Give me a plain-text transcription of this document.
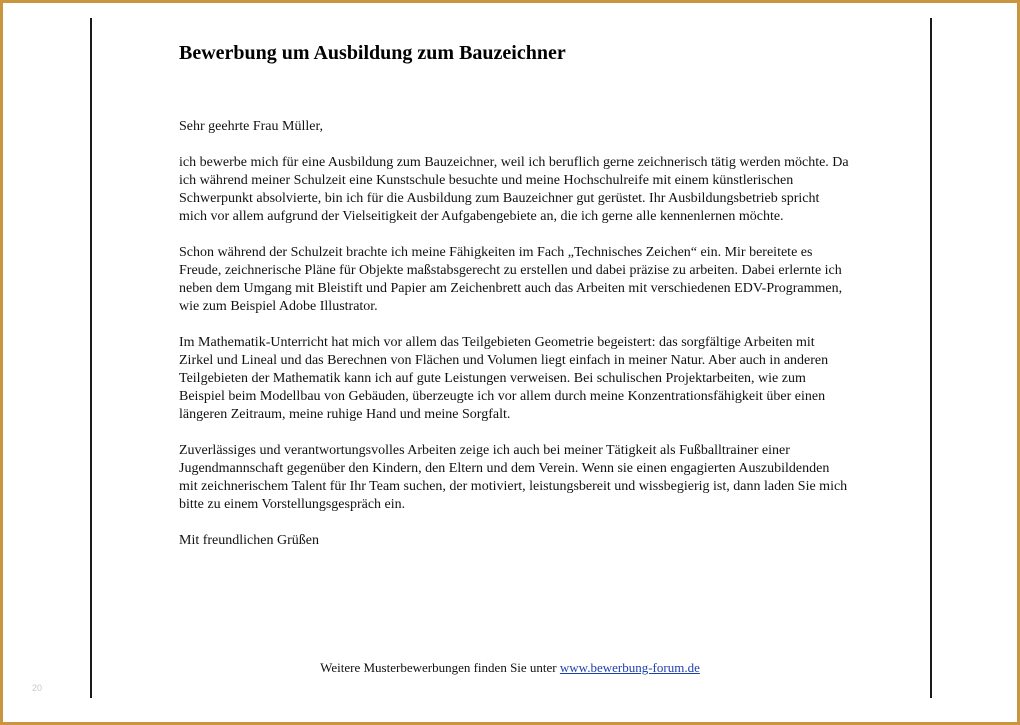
Bewerbung um Ausbildung zum Bauzeichner

Sehr geehrte Frau Müller,

ich bewerbe mich für eine Ausbildung zum Bauzeichner, weil ich beruflich gerne zeichnerisch tätig werden möchte. Da ich während meiner Schulzeit eine Kunstschule besuchte und meine Hochschulreife mit einem künstlerischen Schwerpunkt absolvierte, bin ich für die Ausbildung zum Bauzeichner gut gerüstet. Ihr Ausbildungsbetrieb spricht mich vor allem aufgrund der Vielseitigkeit der Aufgabengebiete an, die ich gerne alle kennenlernen möchte.

Schon während der Schulzeit brachte ich meine Fähigkeiten im Fach „Technisches Zeichen“ ein. Mir bereitete es Freude, zeichnerische Pläne für Objekte maßstabsgerecht zu erstellen und dabei präzise zu arbeiten. Dabei erlernte ich neben dem Umgang mit Bleistift und Papier am Zeichenbrett auch das Arbeiten mit verschiedenen EDV-Programmen, wie zum Beispiel Adobe Illustrator.

Im Mathematik-Unterricht hat mich vor allem das Teilgebieten Geometrie begeistert: das sorgfältige Arbeiten mit Zirkel und Lineal und das Berechnen von Flächen und Volumen liegt einfach in meiner Natur. Aber auch in anderen Teilgebieten der Mathematik kann ich auf gute Leistungen verweisen. Bei schulischen Projektarbeiten, wie zum Beispiel beim Modellbau von Gebäuden, überzeugte ich vor allem durch meine Konzentrationsfähigkeit über einen längeren Zeitraum, meine ruhige Hand und meine Sorgfalt.

Zuverlässiges und verantwortungsvolles Arbeiten zeige ich auch bei meiner Tätigkeit als Fußballtrainer einer Jugendmannschaft gegenüber den Kindern, den Eltern und dem Verein. Wenn sie einen engagierten Auszubildenden mit zeichnerischem Talent für Ihr Team suchen, der motiviert, leistungsbereit und wissbegierig ist, dann laden Sie mich bitte zu einem Vorstellungsgespräch ein.

Mit freundlichen Grüßen

Weitere Musterbewerbungen finden Sie unter www.bewerbung-forum.de
20
